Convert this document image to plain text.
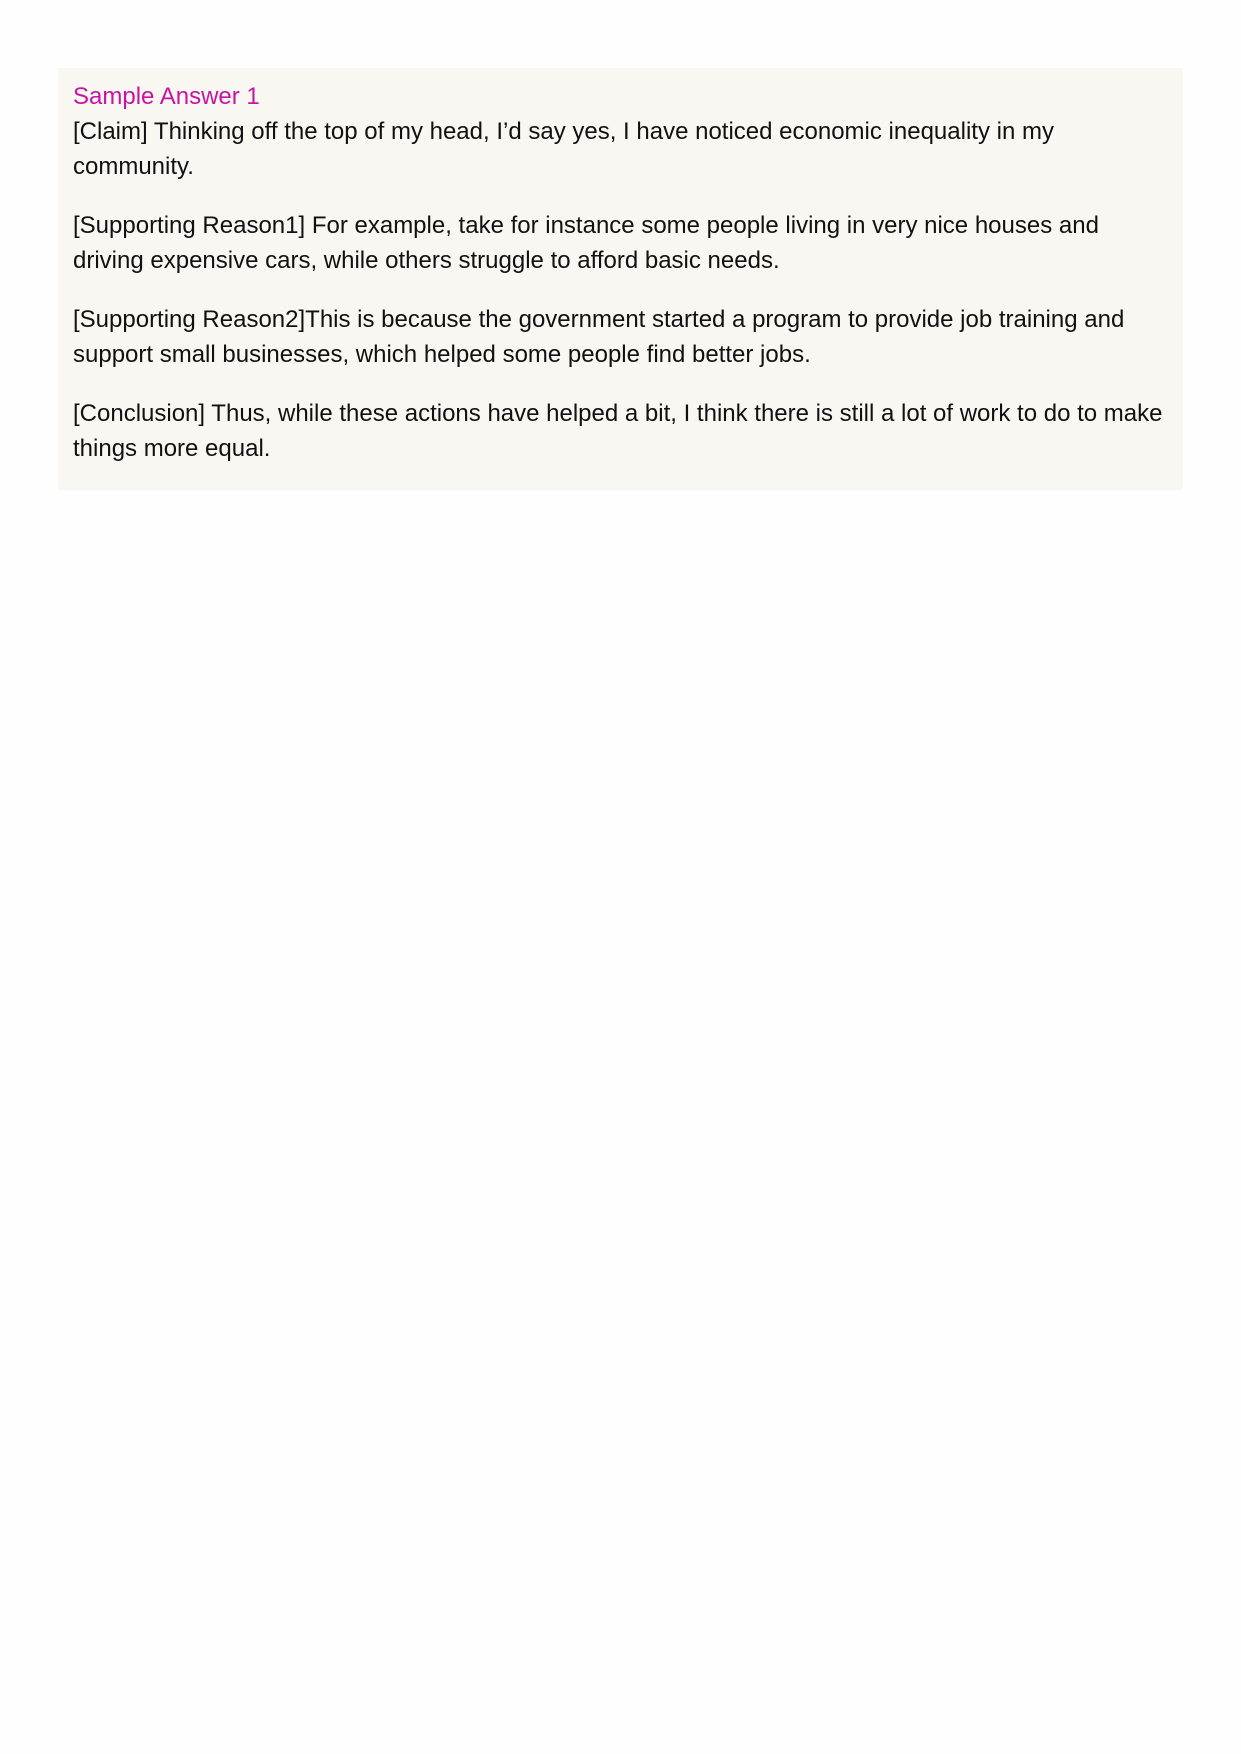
Sample Answer 1

[Claim] Thinking off the top of my head, I’d say yes, I have noticed economic inequality in my community.

[Supporting Reason1] For example, take for instance some people living in very nice houses and driving expensive cars, while others struggle to afford basic needs.

[Supporting Reason2]This is because the government started a program to provide job training and support small businesses, which helped some people find better jobs.

[Conclusion] Thus, while these actions have helped a bit, I think there is still a lot of work to do to make things more equal.
